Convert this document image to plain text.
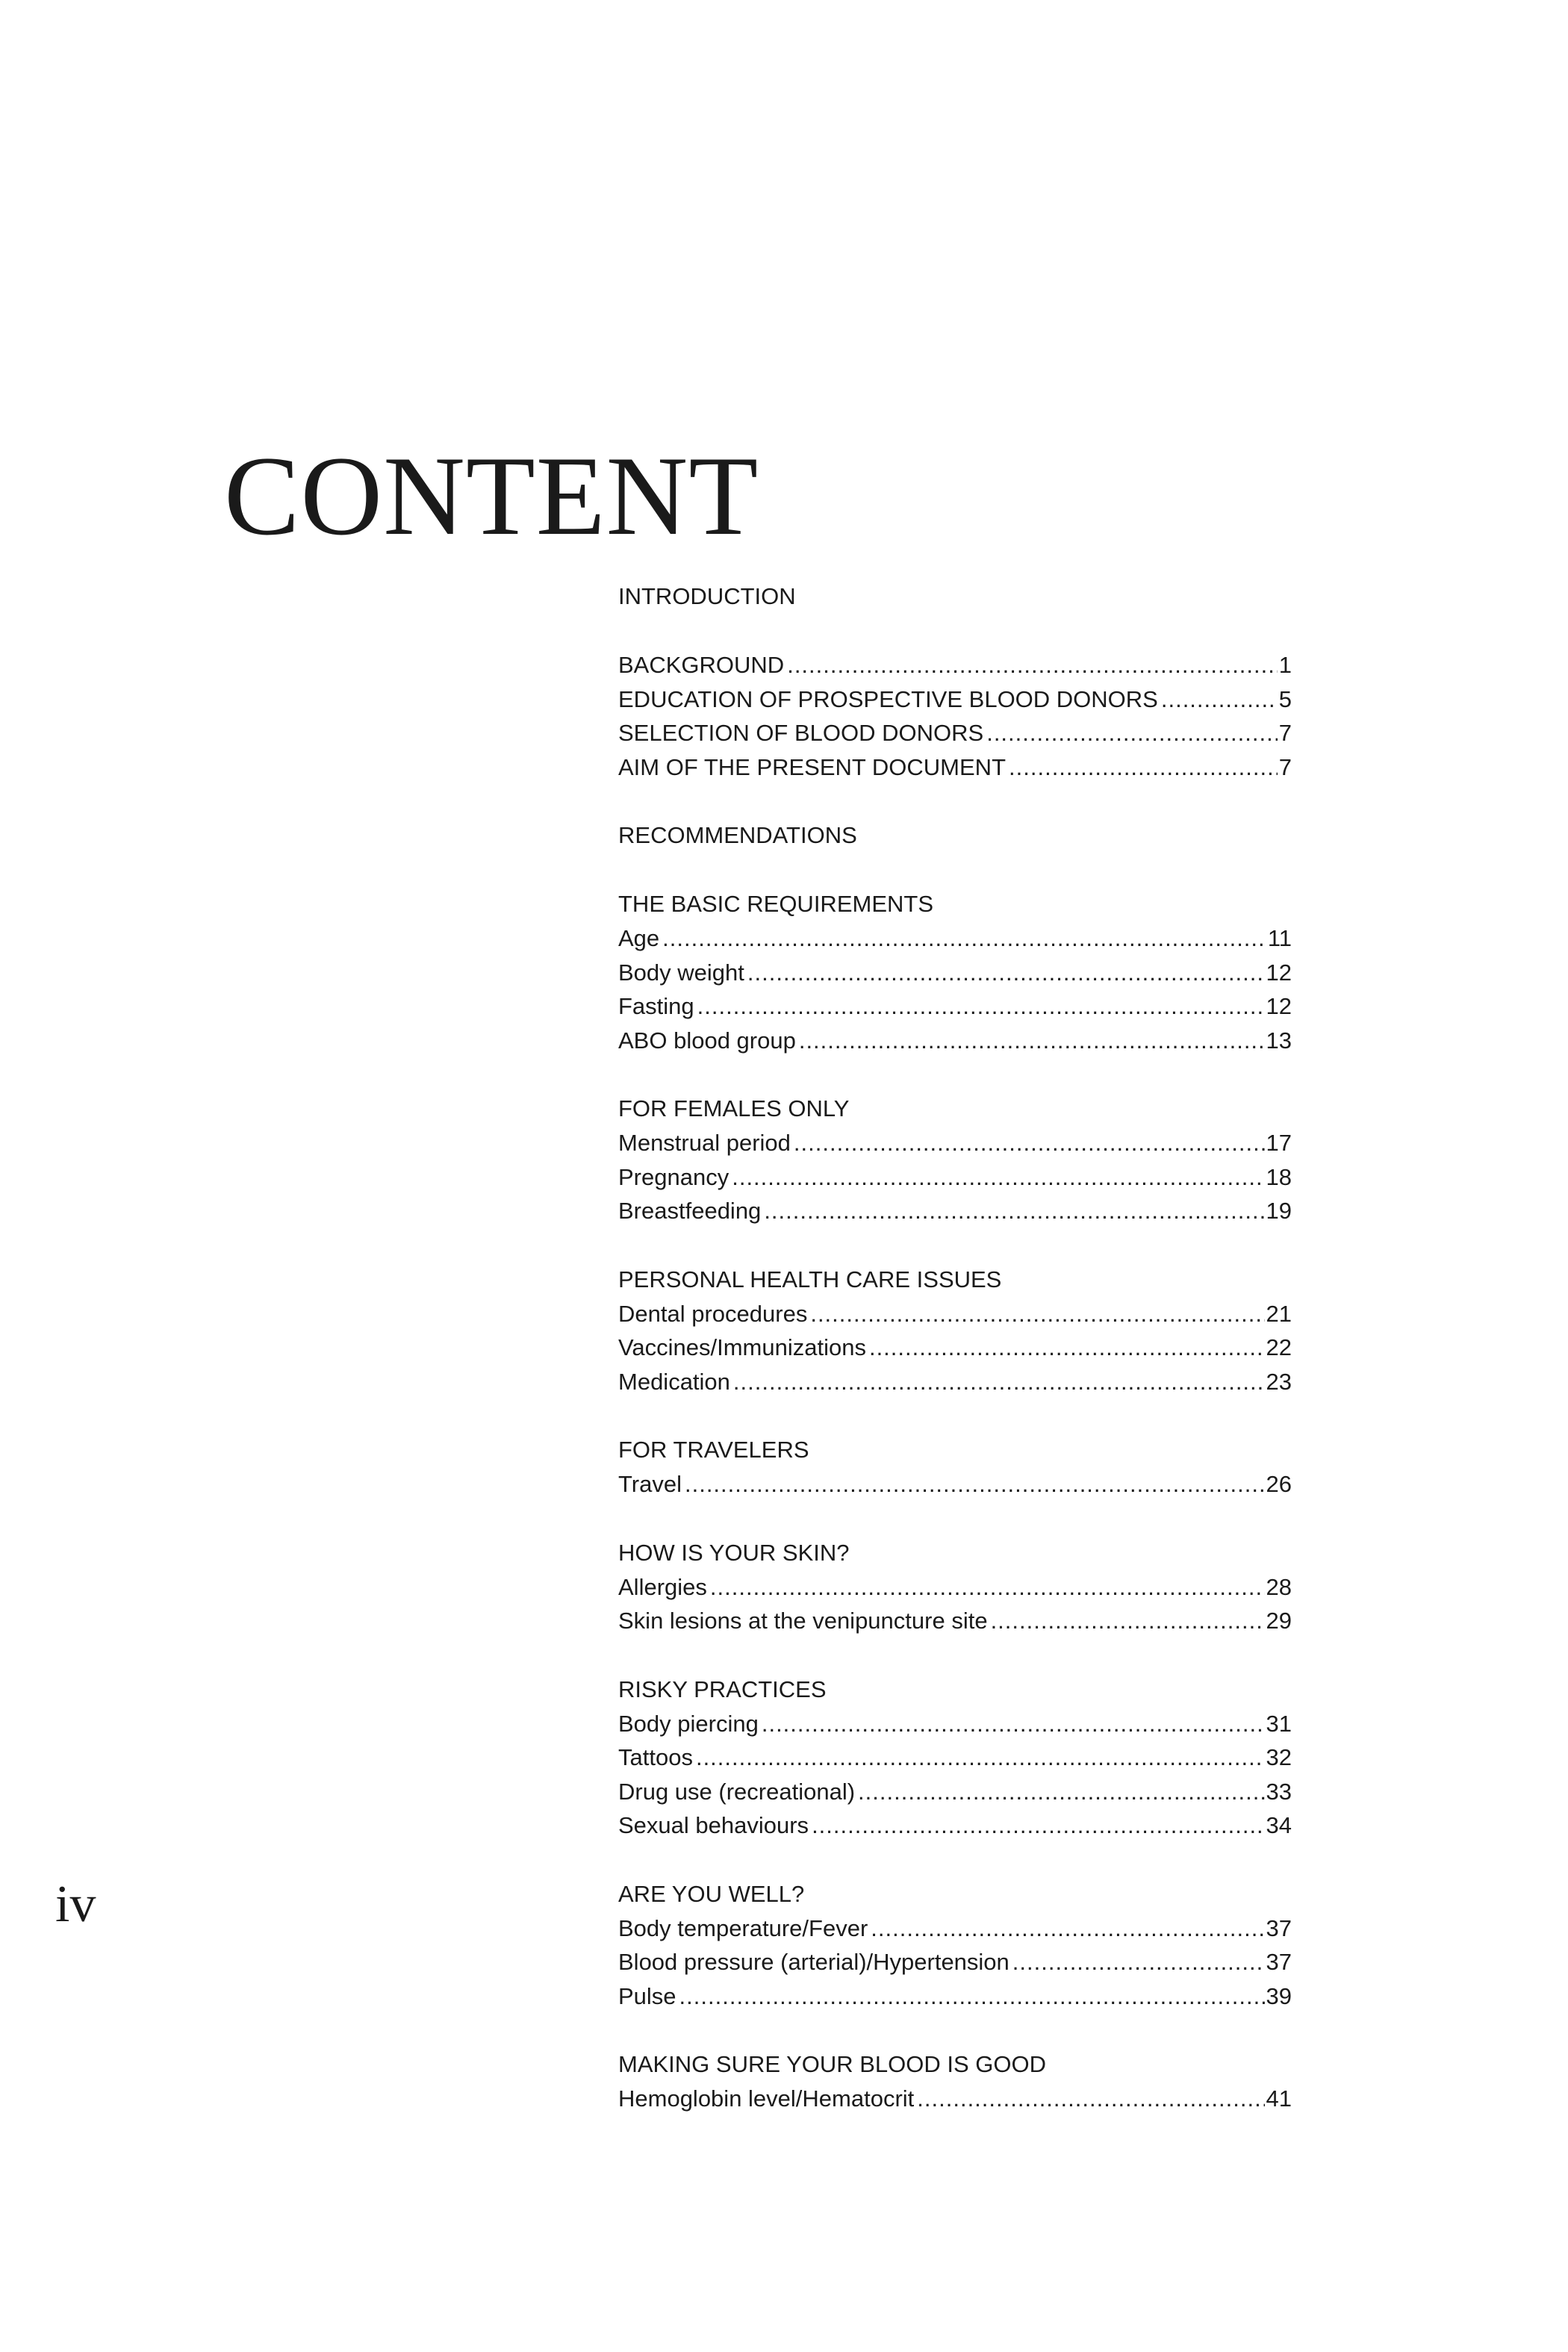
CONTENT
iv
INTRODUCTION
BACKGROUND .....	1
EDUCATION OF PROSPECTIVE BLOOD DONORS .....	5
SELECTION OF BLOOD DONORS .....	7
AIM OF THE PRESENT DOCUMENT .....	7
RECOMMENDATIONS
THE BASIC REQUIREMENTS
Age .....	11
Body weight .....	12
Fasting .....	12
ABO blood group .....	13
FOR FEMALES ONLY
Menstrual period .....	17
Pregnancy .....	18
Breastfeeding .....	19
PERSONAL HEALTH CARE ISSUES
Dental procedures .....	21
Vaccines/Immunizations .....	22
Medication .....	23
FOR TRAVELERS
Travel .....	26
HOW IS YOUR SKIN?
Allergies .....	28
Skin lesions at the venipuncture site .....	29
RISKY PRACTICES
Body piercing .....	31
Tattoos .....	32
Drug use (recreational) .....	33
Sexual behaviours .....	34
ARE YOU WELL?
Body temperature/Fever .....	37
Blood pressure (arterial)/Hypertension .....	37
Pulse .....	39
MAKING SURE YOUR BLOOD IS GOOD
Hemoglobin level/Hematocrit .....	41
